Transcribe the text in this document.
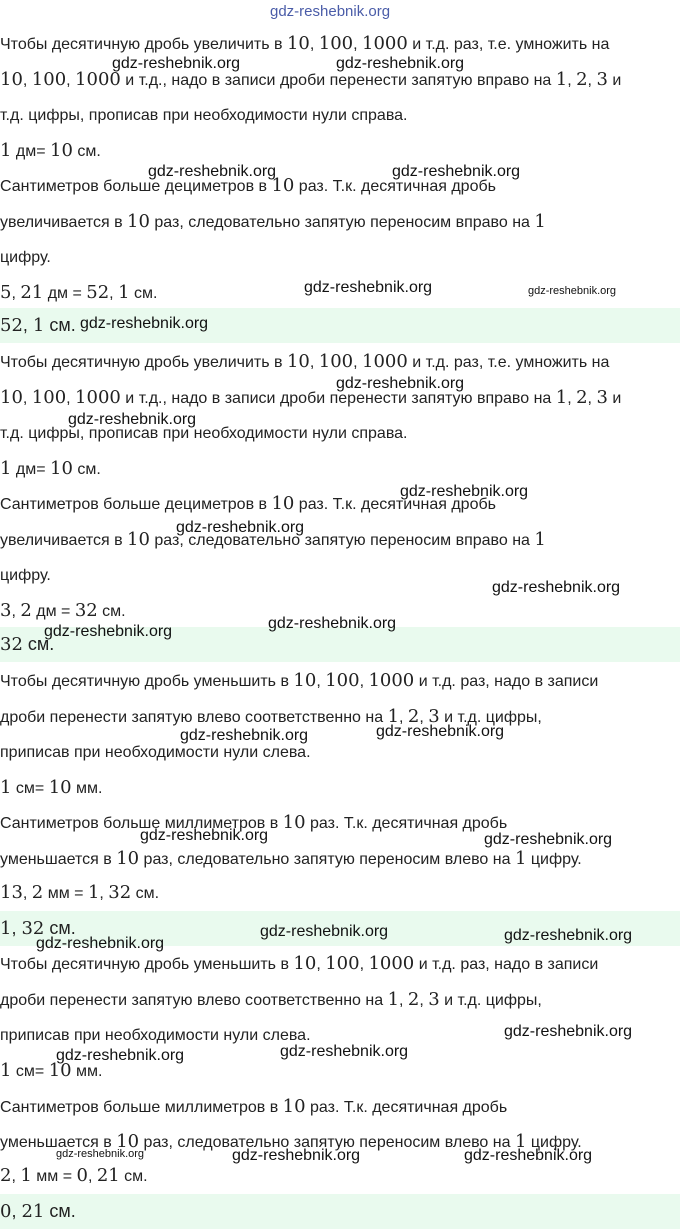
Чтобы десятичную дробь увеличить в 10, 100, 1000 и т.д. раз, т.е. умножить на
10, 100, 1000 и т.д., надо в записи дроби перенести запятую вправо на 1, 2, 3 и
т.д. цифры, прописав при необходимости нули справа.
1 дм= 10 см.
Сантиметров больше дециметров в 10 раз. Т.к. десятичная дробь
увеличивается в 10 раз, следовательно запятую переносим вправо на 1
цифру.
5, 21 дм = 52, 1 см.
52, 1 см.
Чтобы десятичную дробь увеличить в 10, 100, 1000 и т.д. раз, т.е. умножить на
10, 100, 1000 и т.д., надо в записи дроби перенести запятую вправо на 1, 2, 3 и
т.д. цифры, прописав при необходимости нули справа.
1 дм= 10 см.
Сантиметров больше дециметров в 10 раз. Т.к. десятичная дробь
увеличивается в 10 раз, следовательно запятую переносим вправо на 1
цифру.
3, 2 дм = 32 см.
32 см.
Чтобы десятичную дробь уменьшить в 10, 100, 1000 и т.д. раз, надо в записи
дроби перенести запятую влево соответственно на 1, 2, 3 и т.д. цифры,
приписав при необходимости нули слева.
1 см= 10 мм.
Сантиметров больше миллиметров в 10 раз. Т.к. десятичная дробь
уменьшается в 10 раз, следовательно запятую переносим влево на 1 цифру.
13, 2 мм = 1, 32 см.
1, 32 см.
Чтобы десятичную дробь уменьшить в 10, 100, 1000 и т.д. раз, надо в записи
дроби перенести запятую влево соответственно на 1, 2, 3 и т.д. цифры,
приписав при необходимости нули слева.
1 см= 10 мм.
Сантиметров больше миллиметров в 10 раз. Т.к. десятичная дробь
уменьшается в 10 раз, следовательно запятую переносим влево на 1 цифру.
2, 1 мм = 0, 21 см.
0, 21 см.
gdz-reshebnik.org
gdz-reshebnik.org	gdz-reshebnik.org
gdz-reshebnik.org	gdz-reshebnik.org
gdz-reshebnik.org	gdz-reshebnik.org
gdz-reshebnik.org
gdz-reshebnik.org
gdz-reshebnik.org
gdz-reshebnik.org
gdz-reshebnik.org
gdz-reshebnik.org
gdz-reshebnik.org
gdz-reshebnik.org
gdz-reshebnik.org	gdz-reshebnik.org
gdz-reshebnik.org	gdz-reshebnik.org
gdz-reshebnik.org	gdz-reshebnik.org
gdz-reshebnik.org
gdz-reshebnik.org
gdz-reshebnik.org	gdz-reshebnik.org
gdz-reshebnik.org	gdz-reshebnik.org	gdz-reshebnik.org
